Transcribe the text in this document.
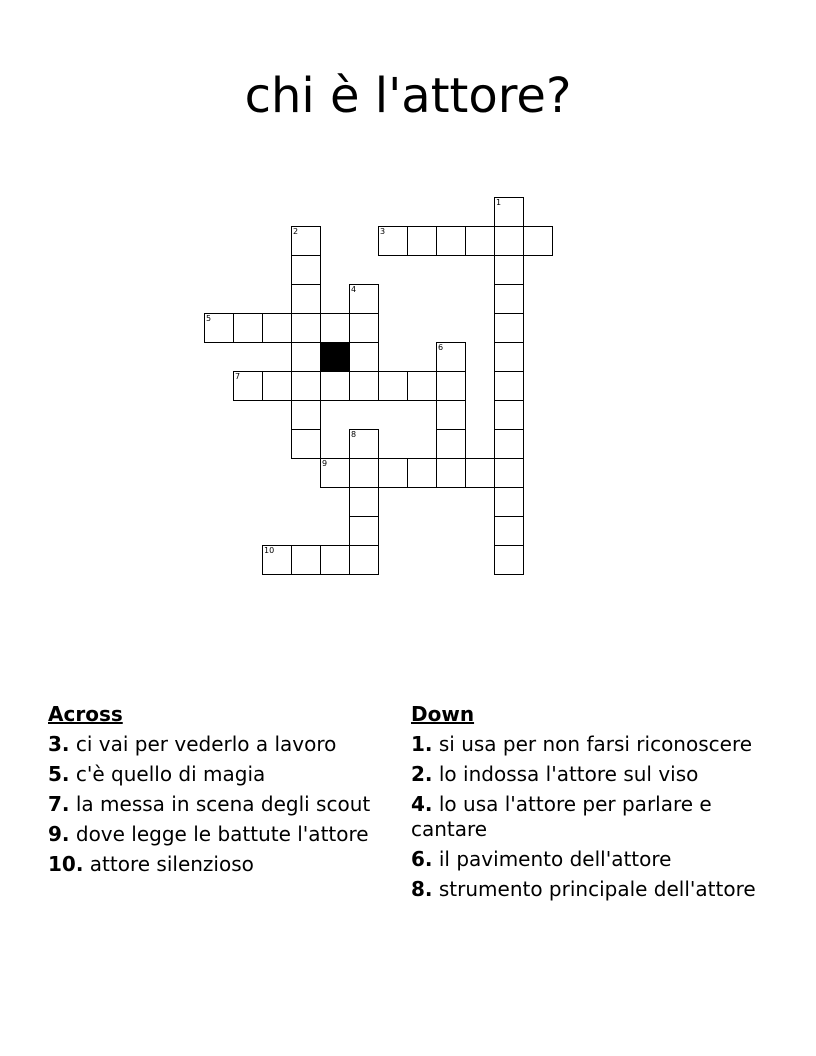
chi è l'attore?
1
2	3
4
5
6
7
8
9
10
Across
3. ci vai per vederlo a lavoro
5. c'è quello di magia
7. la messa in scena degli scout
9. dove legge le battute l'attore
10. attore silenzioso
Down
1. si usa per non farsi riconoscere
2. lo indossa l'attore sul viso
4. lo usa l'attore per parlare e cantare
6. il pavimento dell'attore
8. strumento principale dell'attore
